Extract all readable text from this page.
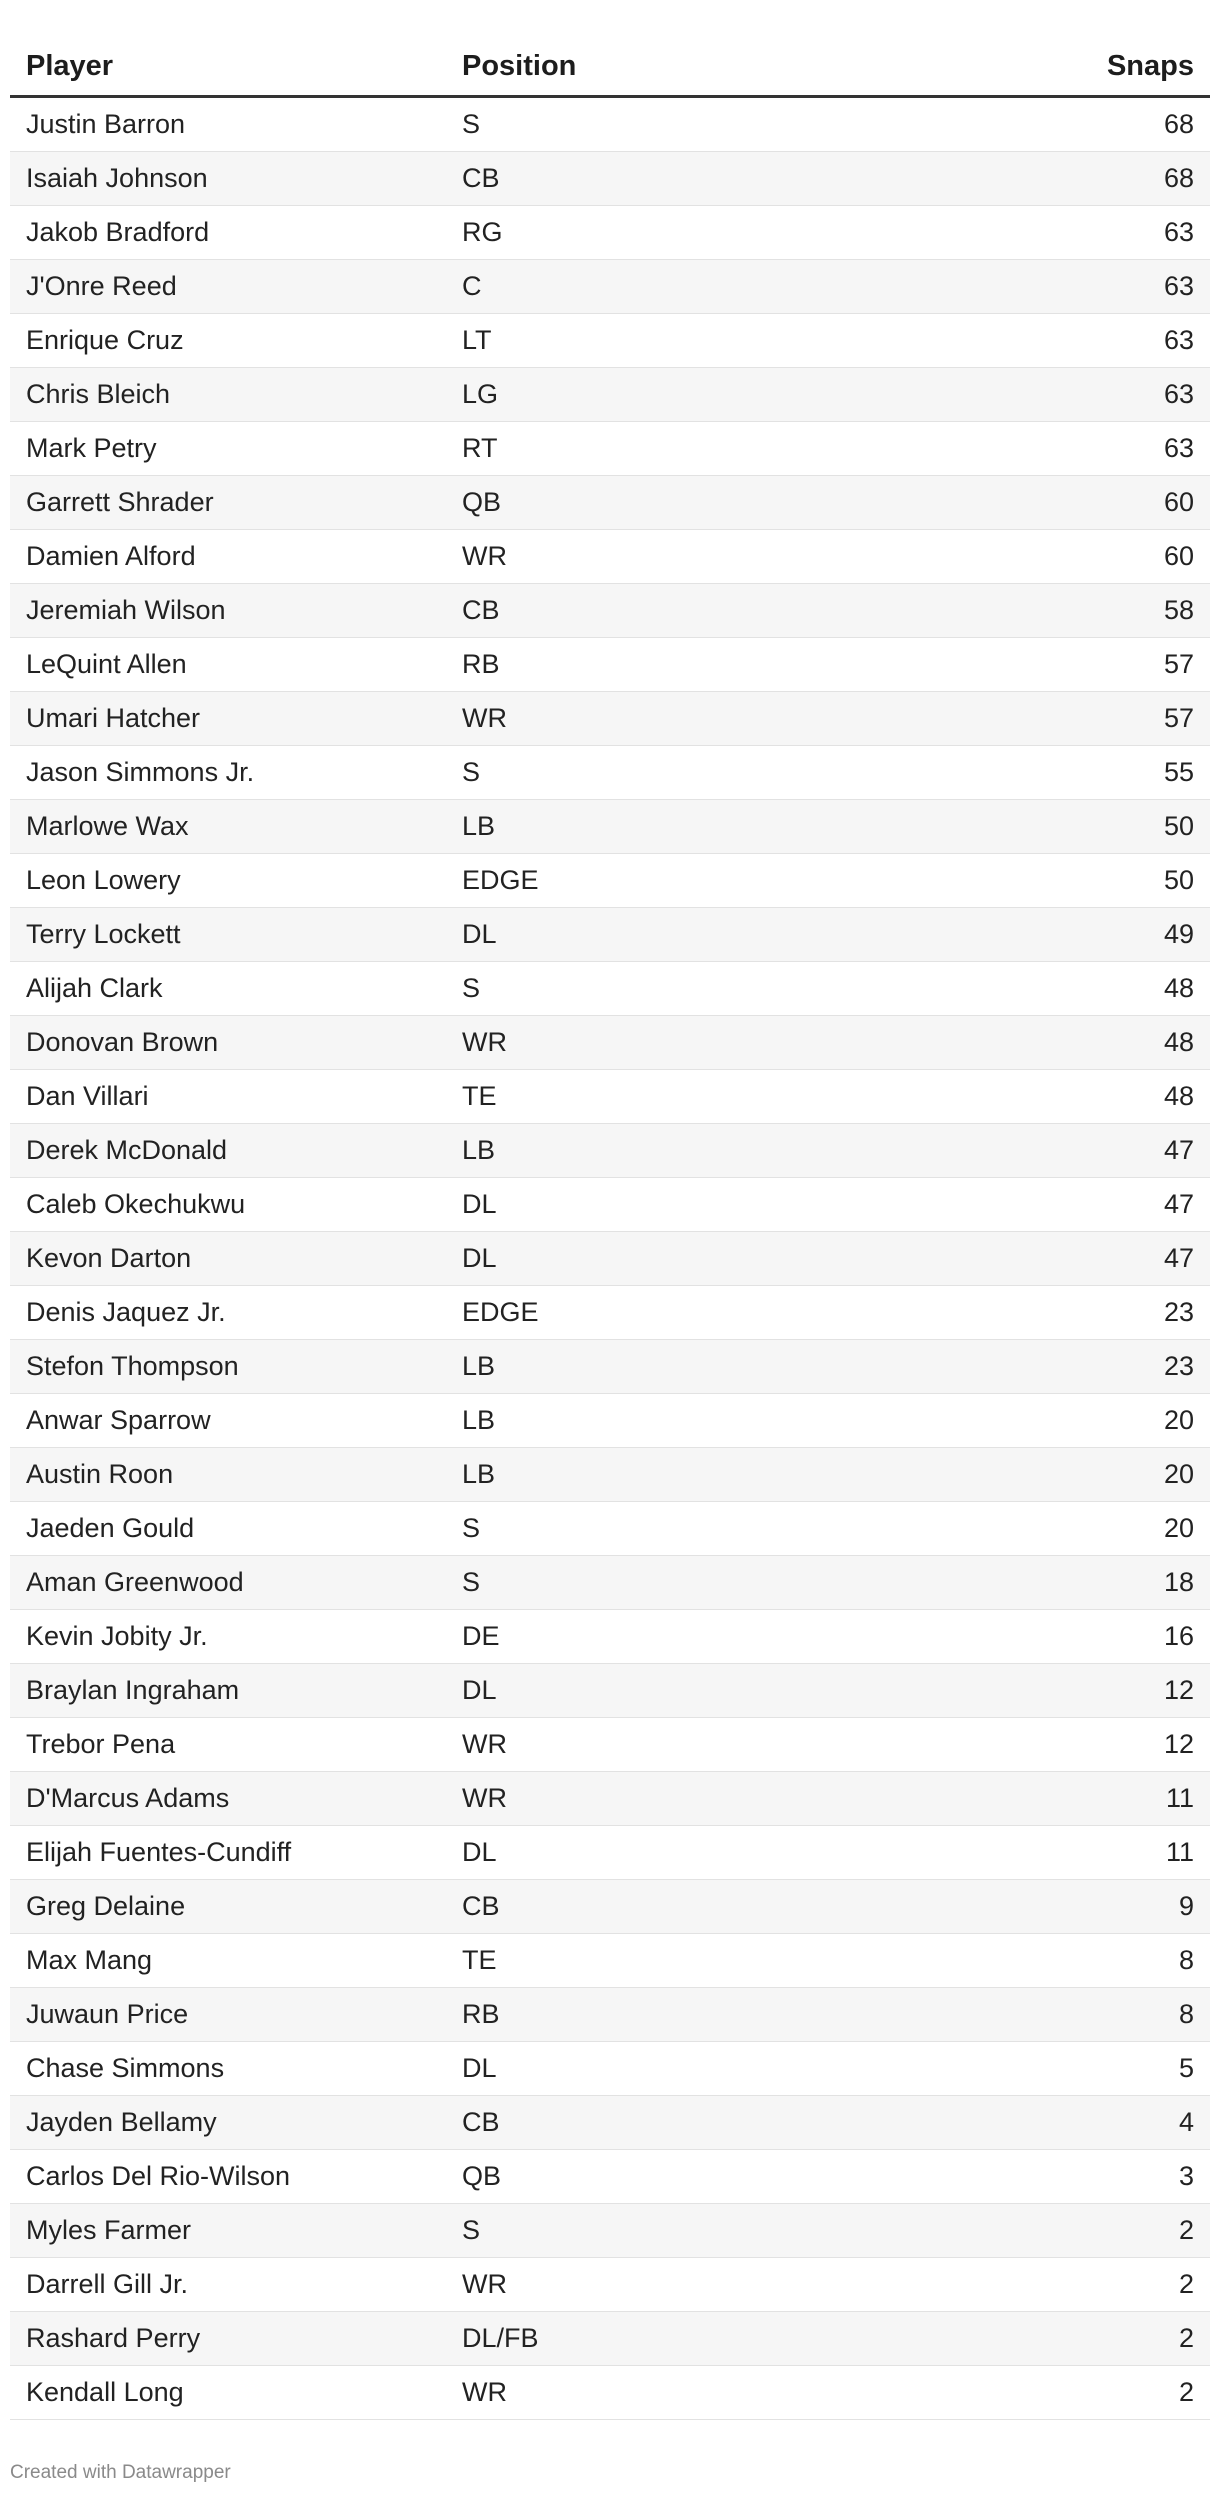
Player	Position	Snaps
Justin Barron	S	68
Isaiah Johnson	CB	68
Jakob Bradford	RG	63
J'Onre Reed	C	63
Enrique Cruz	LT	63
Chris Bleich	LG	63
Mark Petry	RT	63
Garrett Shrader	QB	60
Damien Alford	WR	60
Jeremiah Wilson	CB	58
LeQuint Allen	RB	57
Umari Hatcher	WR	57
Jason Simmons Jr.	S	55
Marlowe Wax	LB	50
Leon Lowery	EDGE	50
Terry Lockett	DL	49
Alijah Clark	S	48
Donovan Brown	WR	48
Dan Villari	TE	48
Derek McDonald	LB	47
Caleb Okechukwu	DL	47
Kevon Darton	DL	47
Denis Jaquez Jr.	EDGE	23
Stefon Thompson	LB	23
Anwar Sparrow	LB	20
Austin Roon	LB	20
Jaeden Gould	S	20
Aman Greenwood	S	18
Kevin Jobity Jr.	DE	16
Braylan Ingraham	DL	12
Trebor Pena	WR	12
D'Marcus Adams	WR	11
Elijah Fuentes-Cundiff	DL	11
Greg Delaine	CB	9
Max Mang	TE	8
Juwaun Price	RB	8
Chase Simmons	DL	5
Jayden Bellamy	CB	4
Carlos Del Rio-Wilson	QB	3
Myles Farmer	S	2
Darrell Gill Jr.	WR	2
Rashard Perry	DL/FB	2
Kendall Long	WR	2
Created with Datawrapper
